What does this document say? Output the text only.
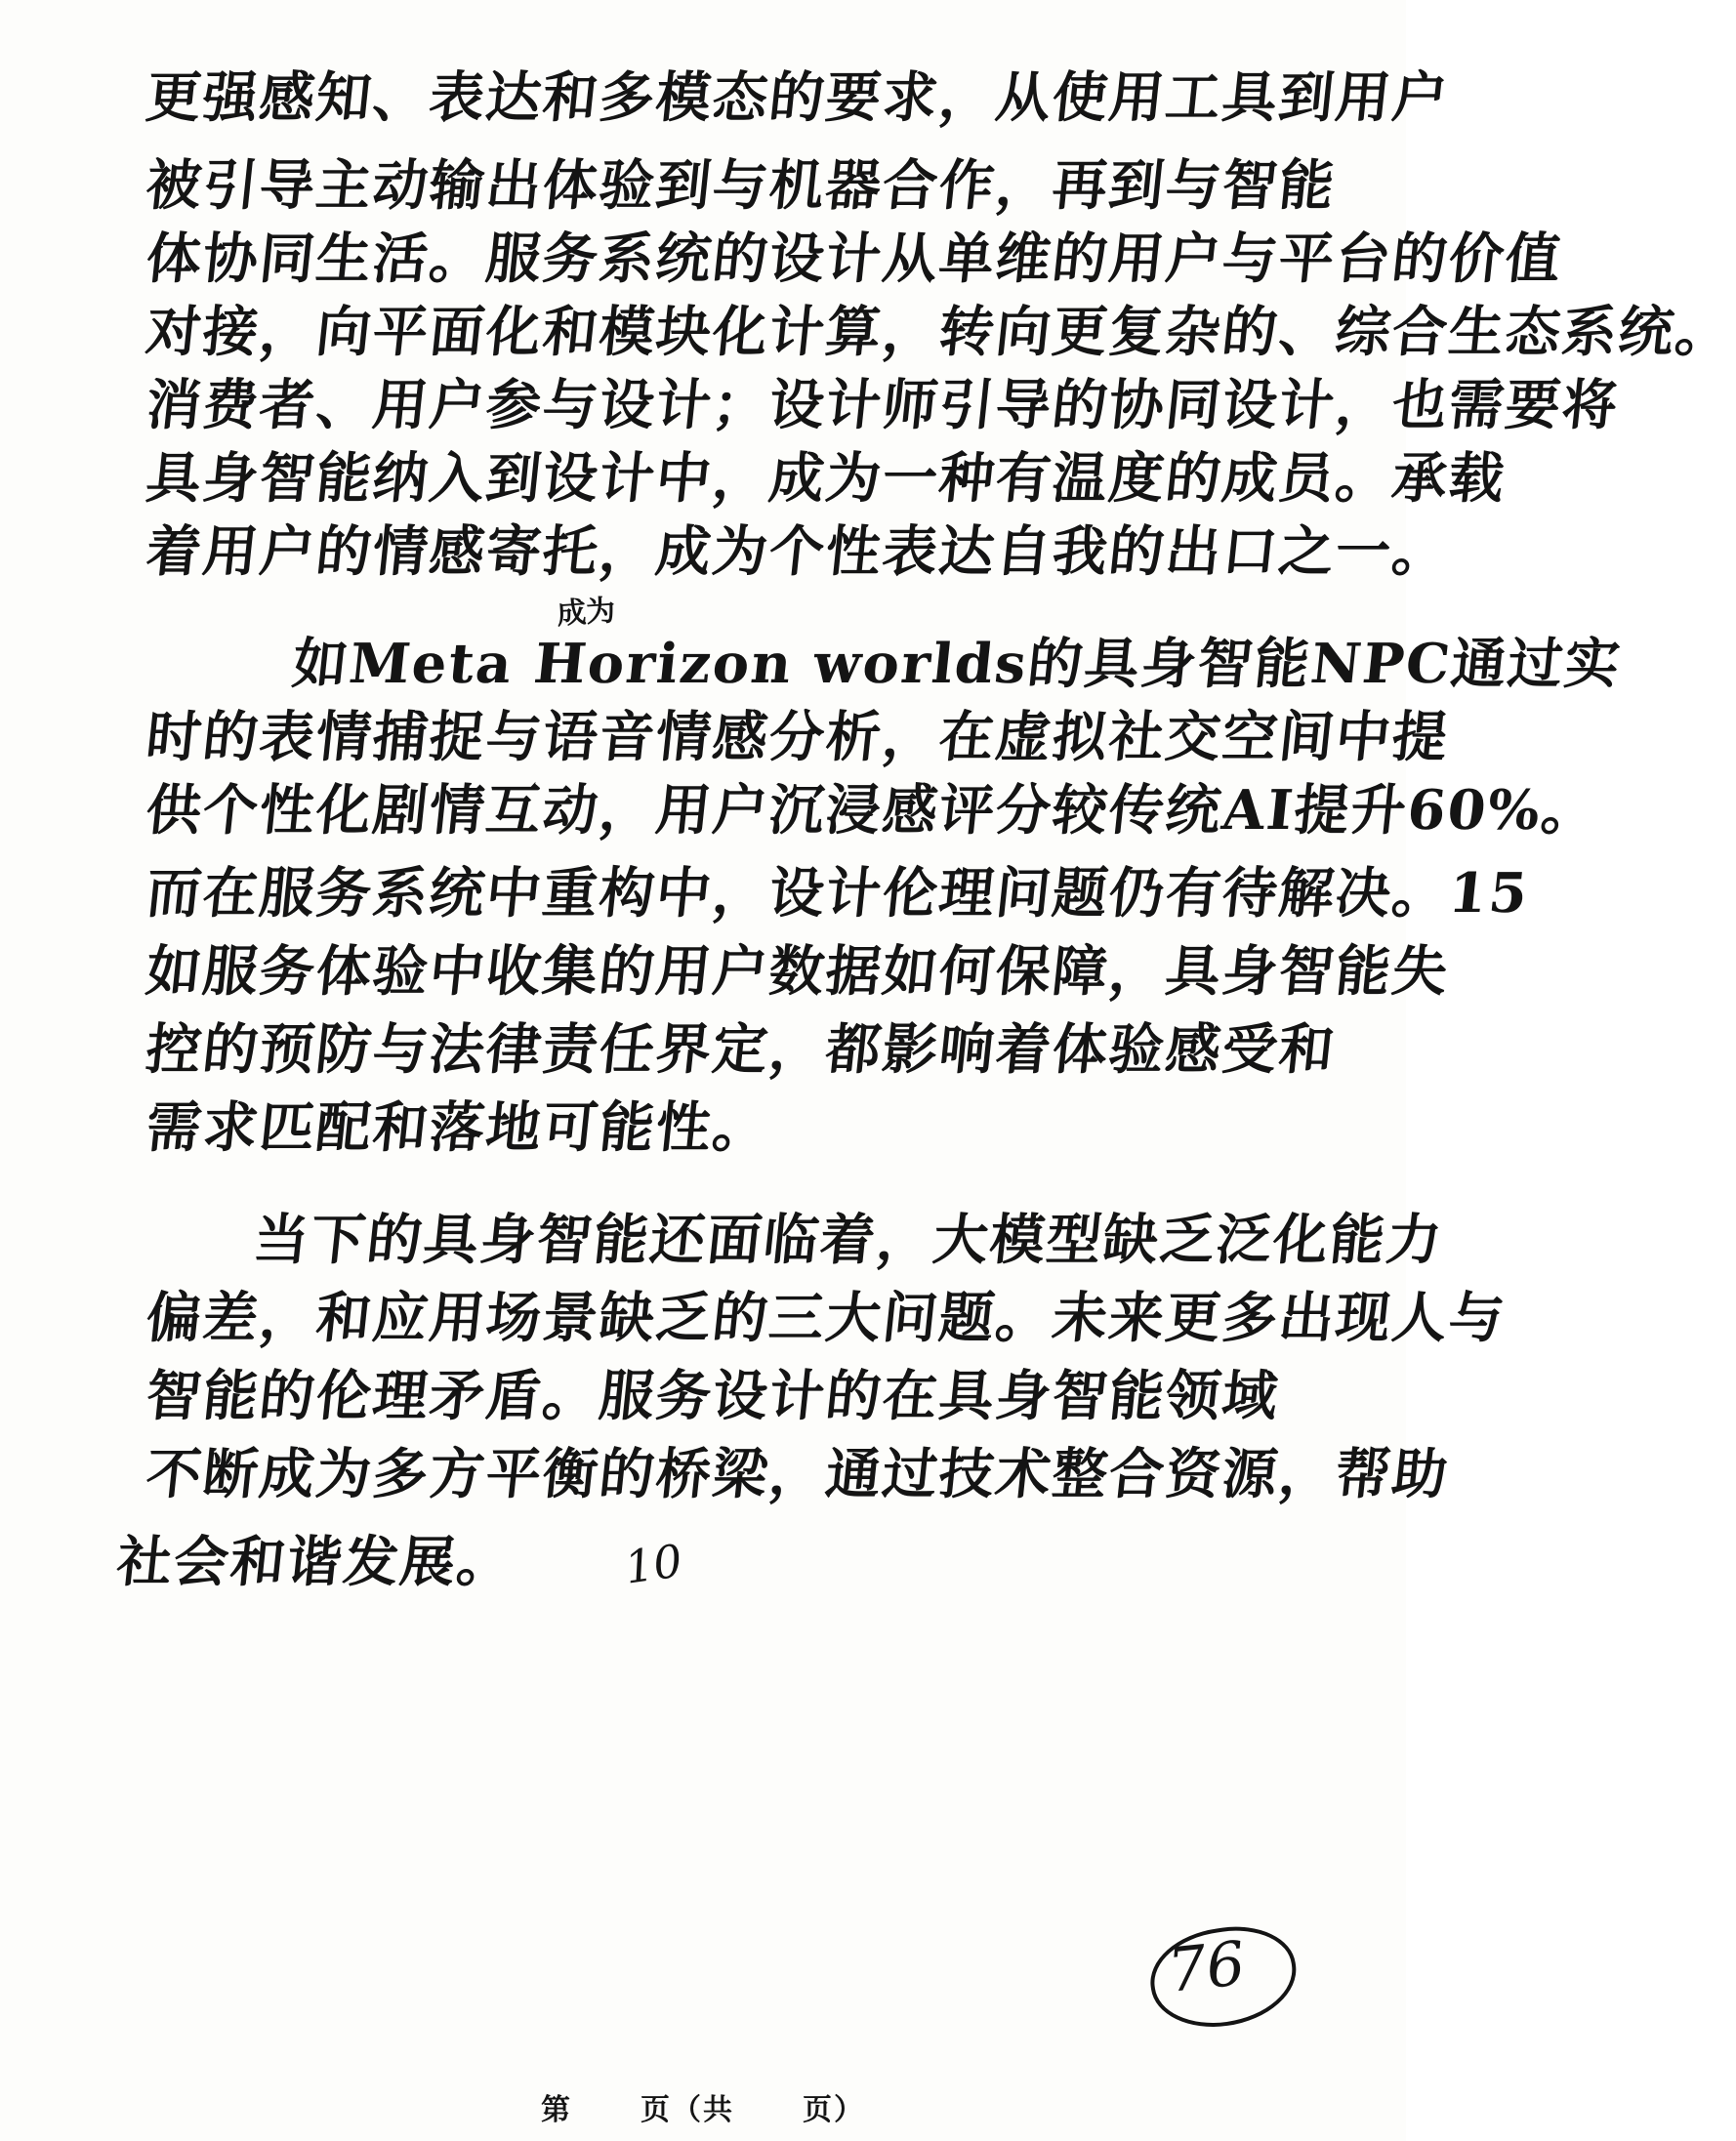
更强感知、表达和多模态的要求，从使用工具到用户
被引导主动输出体验到与机器合作，再到与智能
体协同生活。服务系统的设计从单维的用户与平台的价值
对接，向平面化和模块化计算，转向更复杂的、综合生态系统。
消费者、用户参与设计；设计师引导的协同设计，也需要将
具身智能纳入到设计中，成为一种有温度的成员。承载
着用户的情感寄托，成为个性表达自我的出口之一。
成为
如Meta Horizon worlds的具身智能NPC通过实
时的表情捕捉与语音情感分析，在虚拟社交空间中提
供个性化剧情互动，用户沉浸感评分较传统AI提升60%。
而在服务系统中重构中，设计伦理问题仍有待解决。15
如服务体验中收集的用户数据如何保障，具身智能失
控的预防与法律责任界定，都影响着体验感受和
需求匹配和落地可能性。
当下的具身智能还面临着，大模型缺乏泛化能力
偏差，和应用场景缺乏的三大问题。未来更多出现人与
智能的伦理矛盾。服务设计的在具身智能领域
不断成为多方平衡的桥梁，通过技术整合资源，帮助
社会和谐发展。	10
76
第 页（共 页）
